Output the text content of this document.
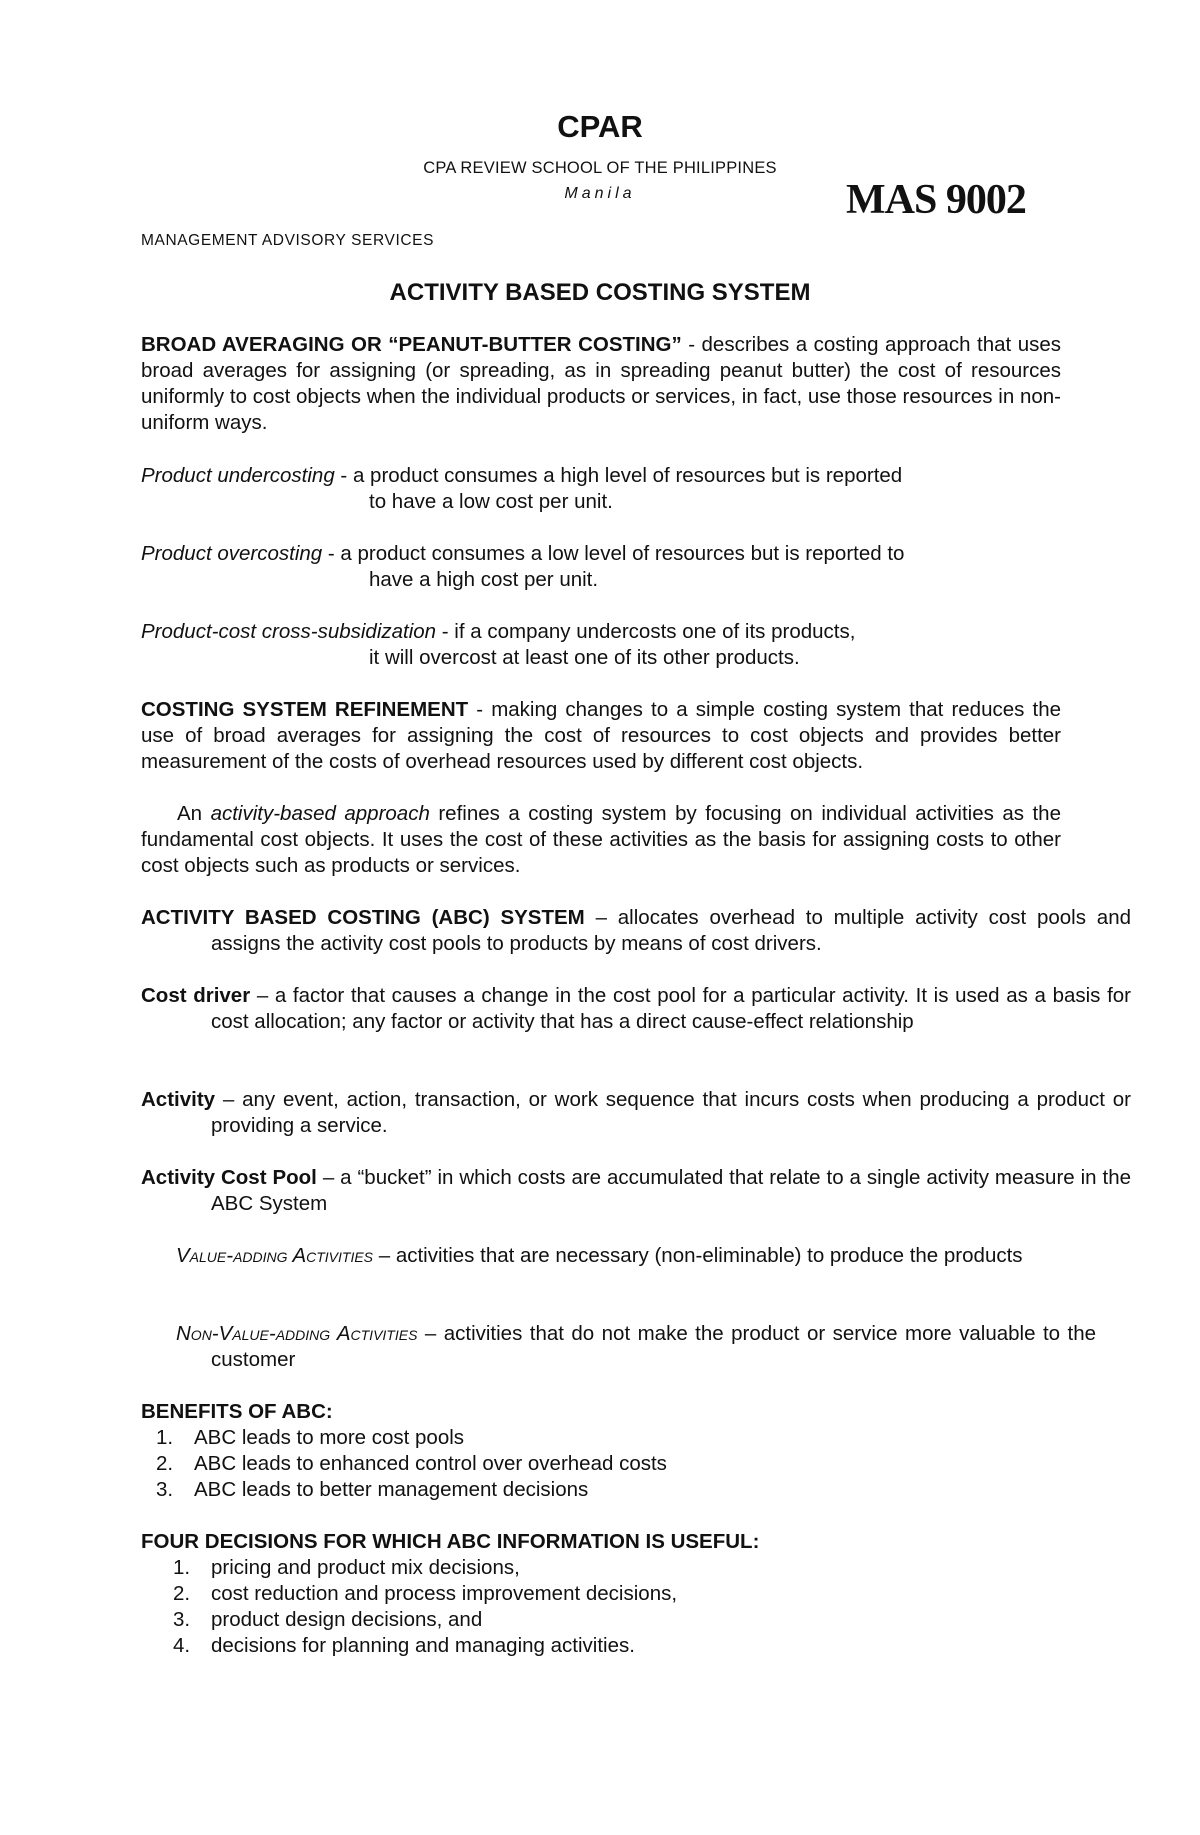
CPAR
CPA REVIEW SCHOOL OF THE PHILIPPINES
Manila	MAS 9002
MANAGEMENT ADVISORY SERVICES
ACTIVITY BASED COSTING SYSTEM
BROAD AVERAGING OR “PEANUT-BUTTER COSTING” - describes a costing approach that uses broad averages for assigning (or spreading, as in spreading peanut butter) the cost of resources uniformly to cost objects when the individual products or services, in fact, use those resources in non-uniform ways.
Product undercosting - a product consumes a high level of resources but is reported
to have a low cost per unit.
Product overcosting - a product consumes a low level of resources but is reported to
have a high cost per unit.
Product-cost cross-subsidization - if a company undercosts one of its products,
it will overcost at least one of its other products.
COSTING SYSTEM REFINEMENT - making changes to a simple costing system that reduces the use of broad averages for assigning the cost of resources to cost objects and provides better measurement of the costs of overhead resources used by different cost objects.
An activity-based approach refines a costing system by focusing on individual activities as the fundamental cost objects. It uses the cost of these activities as the basis for assigning costs to other cost objects such as products or services.
ACTIVITY BASED COSTING (ABC) SYSTEM – allocates overhead to multiple activity cost pools and assigns the activity cost pools to products by means of cost drivers.
Cost driver – a factor that causes a change in the cost pool for a particular activity. It is used as a basis for cost allocation; any factor or activity that has a direct cause-effect relationship
Activity – any event, action, transaction, or work sequence that incurs costs when producing a product or providing a service.
Activity Cost Pool – a “bucket” in which costs are accumulated that relate to a single activity measure in the ABC System
Value-adding Activities – activities that are necessary (non-eliminable) to produce the products
Non-Value-adding Activities – activities that do not make the product or service more valuable to the customer
BENEFITS OF ABC:
1. ABC leads to more cost pools
2. ABC leads to enhanced control over overhead costs
3. ABC leads to better management decisions
FOUR DECISIONS FOR WHICH ABC INFORMATION IS USEFUL:
1. pricing and product mix decisions,
2. cost reduction and process improvement decisions,
3. product design decisions, and
4. decisions for planning and managing activities.
